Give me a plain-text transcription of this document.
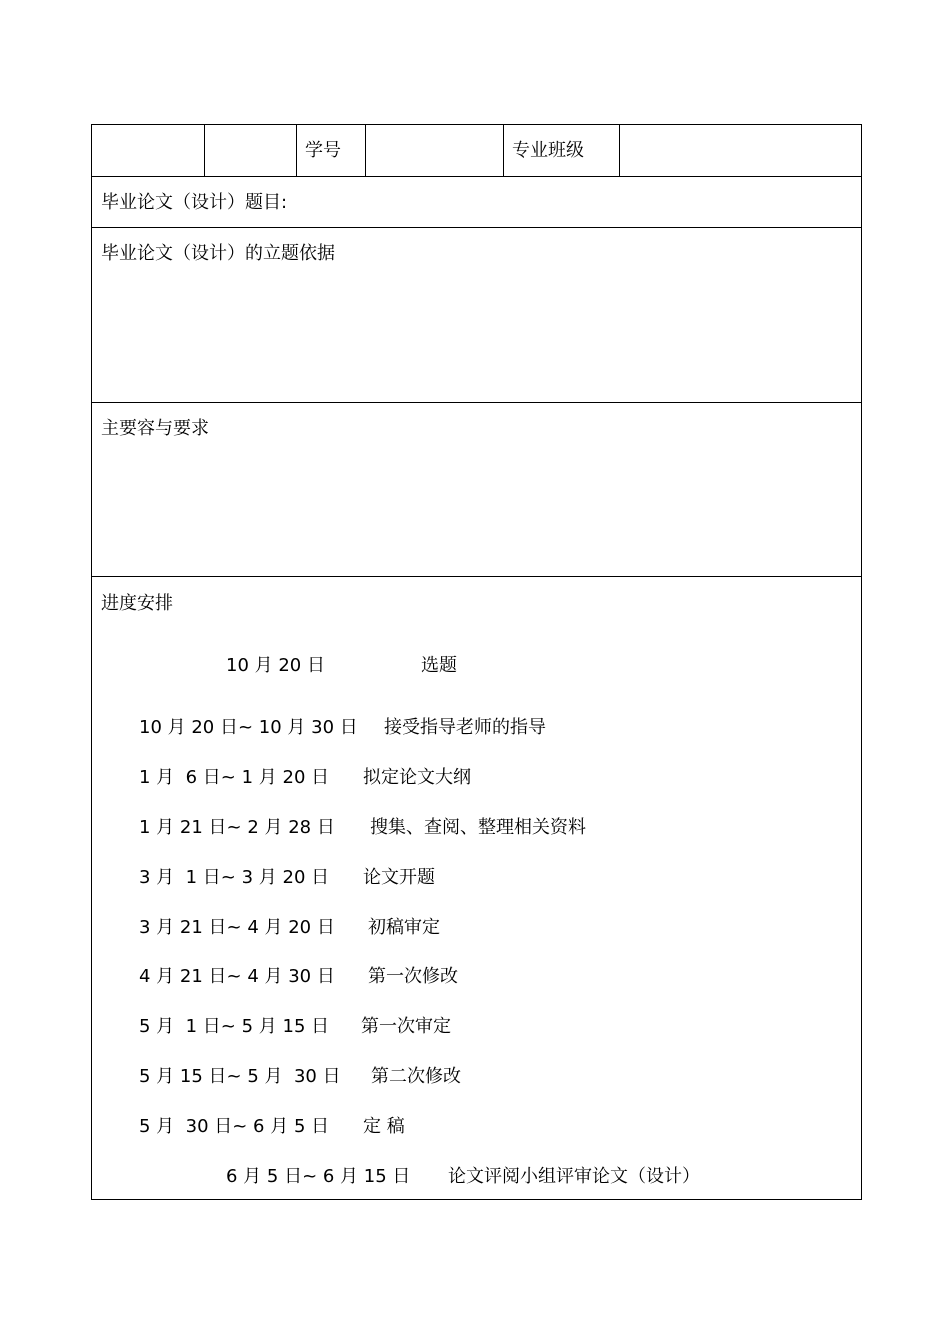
学号	专业班级
毕业论文（设计）题目:
毕业论文（设计）的立题依据
主要容与要求
进度安排
10 月 20 日	选题
10 月 20 日~ 10 月 30 日 接受指导老师的指导
1 月  6 日~ 1 月 20 日 拟定论文大纲
1 月 21 日~ 2 月 28 日 搜集、查阅、整理相关资料
3 月  1 日~ 3 月 20 日 论文开题
3 月 21 日~ 4 月 20 日 初稿审定
4 月 21 日~ 4 月 30 日 第一次修改
5 月  1 日~ 5 月 15 日 第一次审定
5 月 15 日~ 5 月  30 日 第二次修改
5 月  30 日~ 6 月 5 日 定 稿
6 月 5 日~ 6 月 15 日 论文评阅小组评审论文（设计）
